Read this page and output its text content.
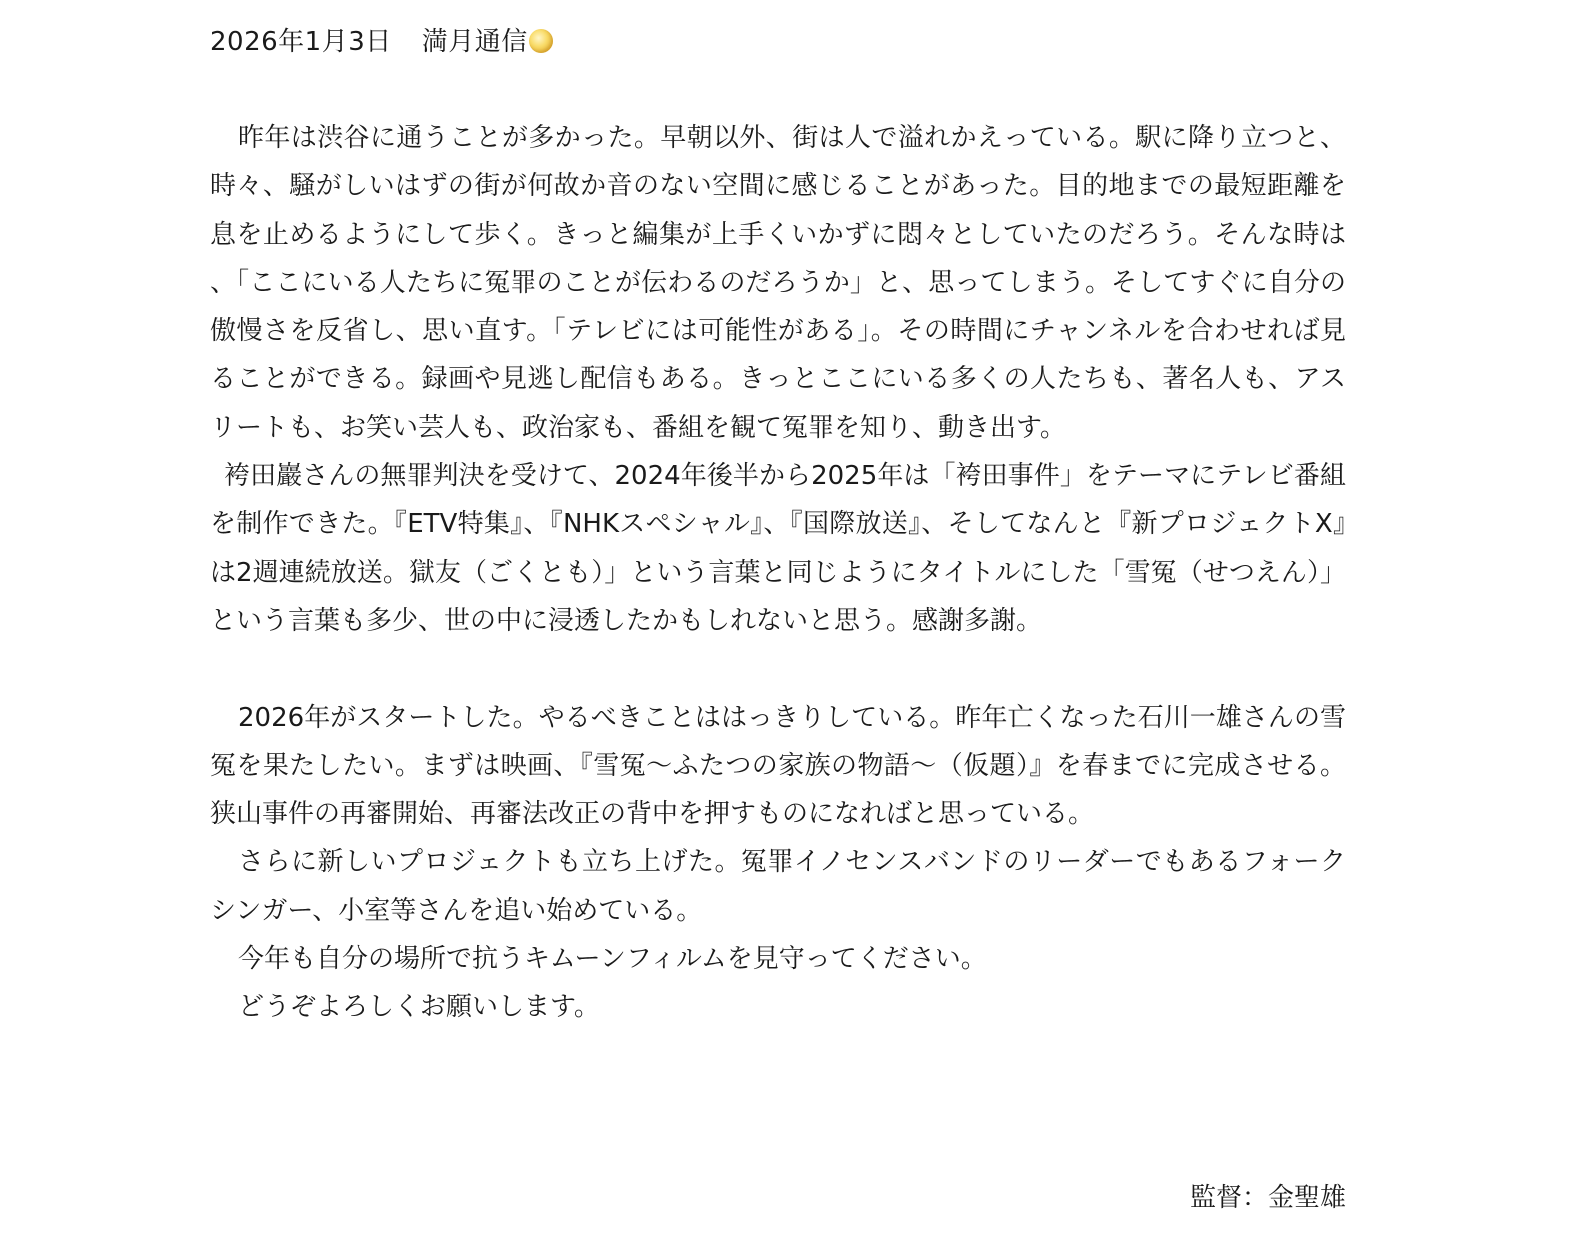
2026年1月3日 満月通信

昨年は渋谷に通うことが多かった。早朝以外、街は人で溢れかえっている。駅に降り立つと、時々、騒がしいはずの街が何故か音のない空間に感じることがあった。目的地までの最短距離を息を止めるようにして歩く。きっと編集が上手くいかずに悶々としていたのだろう。そんな時は、「ここにいる人たちに冤罪のことが伝わるのだろうか」と、思ってしまう。そしてすぐに自分の傲慢さを反省し、思い直す。「テレビには可能性がある」。その時間にチャンネルを合わせれば見ることができる。録画や見逃し配信もある。きっとここにいる多くの人たちも、著名人も、アスリートも、お笑い芸人も、政治家も、番組を観て冤罪を知り、動き出す。

袴田巖さんの無罪判決を受けて、2024年後半から2025年は「袴田事件」をテーマにテレビ番組を制作できた。『ETV特集』、『NHKスペシャル』、『国際放送』、そしてなんと『新プロジェクトX』は2週連続放送。獄友（ごくとも）」という言葉と同じようにタイトルにした「雪冤（せつえん）」という言葉も多少、世の中に浸透したかもしれないと思う。感謝多謝。

2026年がスタートした。やるべきことははっきりしている。昨年亡くなった石川一雄さんの雪冤を果たしたい。まずは映画、『雪冤～ふたつの家族の物語～（仮題）』を春までに完成させる。狭山事件の再審開始、再審法改正の背中を押すものになればと思っている。

さらに新しいプロジェクトも立ち上げた。冤罪イノセンスバンドのリーダーでもあるフォークシンガー、小室等さんを追い始めている。

今年も自分の場所で抗うキムーンフィルムを見守ってください。

どうぞよろしくお願いします。

監督：金聖雄
